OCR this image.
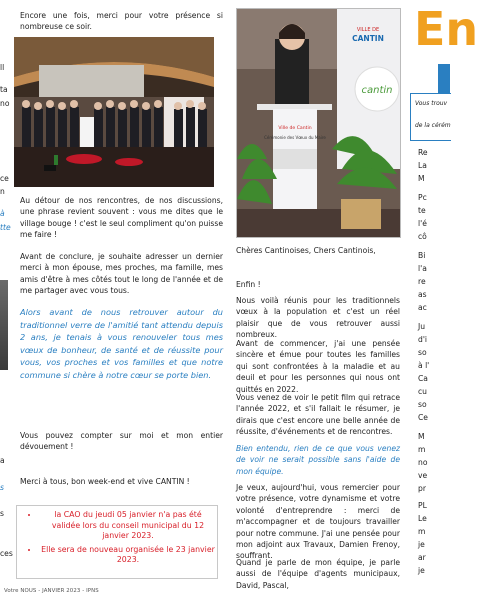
ll
ta
no
ce
n
à
tte
a
s
s
ces

Encore une fois, merci pour votre présence si nombreuse ce soir.

Au détour de nos rencontres, de nos discussions, une phrase revient souvent : vous me dites que le village bouge ! c'est le seul compliment qu'on puisse me faire !

Avant de conclure, je souhaite adresser un dernier merci à mon épouse, mes proches, ma famille, mes amis d'être à mes côtés tout le long de l'année et de me partager avec vous tous.

Alors avant de nous retrouver autour du traditionnel verre de l'amitié tant attendu depuis 2 ans, je tenais à vous renouveler tous mes vœux de bonheur, de santé et de réussite pour vous, vos proches et vos familles et que notre commune si chère à notre cœur se porte bien.

Vous pouvez compter sur moi et mon entier dévouement !

Merci à tous, bon week-end et vive CANTIN !

• la CAO du jeudi 05 janvier n'a pas été validée lors du conseil municipal du 12 janvier 2023.
• Elle sera de nouveau organisée le 23 janvier 2023.
Votre NOUS - JANVIER 2023 - IPNS
VILLE DE
CANTIN
cantin
Ville de Cantin
Cérémonie des Vœux du Maire

Chères Cantinoises, Chers Cantinois,

Enfin !

Nous voilà réunis pour les traditionnels vœux à la population et c'est un réel plaisir que de vous retrouver aussi nombreux.

Avant de commencer, j'ai une pensée sincère et émue pour toutes les familles qui sont confrontées à la maladie et au deuil et pour les personnes qui nous ont quittés en 2022.

Vous venez de voir le petit film qui retrace l'année 2022, et s'il fallait le résumer, je dirais que c'est encore une belle année de réussite, d'événements et de rencontres.

Bien entendu, rien de ce que vous venez de voir ne serait possible sans l'aide de mon équipe.

Je veux, aujourd'hui, vous remercier pour votre présence, votre dynamisme et votre volonté d'entreprendre : merci de m'accompagner et de toujours travailler pour notre commune. J'ai une pensée pour mon adjoint aux Travaux, Damien Frenoy, souffrant.

Quand je parle de mon équipe, je parle aussi de l'équipe d'agents municipaux, David, Pascal,

En
Vous trouv
de la cérém
Re
La
M
Pc
te
l'é
cô
Bi
l'a
re
as
ac
Ju
d'i
so
à l'
Ca
cu
so
Ce
M
m
no
ve
pr
PL
Le
m
je
ar
je
